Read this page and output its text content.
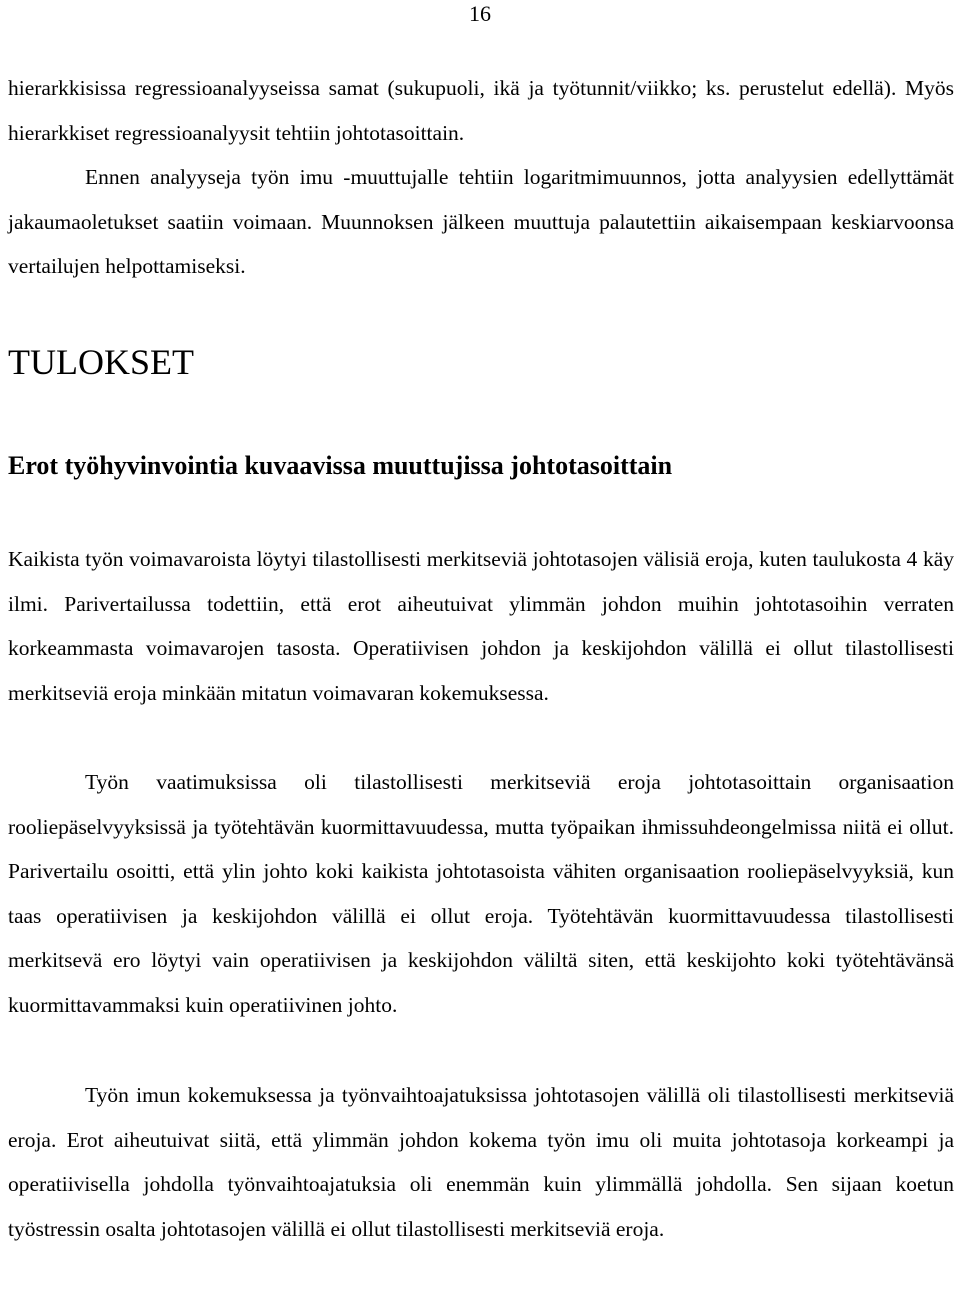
16

hierarkkisissa regressioanalyyseissa samat (sukupuoli, ikä ja työtunnit/viikko; ks. perustelut edellä). Myös hierarkkiset regressioanalyysit tehtiin johtotasoittain.

Ennen analyyseja työn imu -muuttujalle tehtiin logaritmimuunnos, jotta analyysien edellyttämät jakaumaoletukset saatiin voimaan. Muunnoksen jälkeen muuttuja palautettiin aikaisempaan keskiarvoonsa vertailujen helpottamiseksi.

TULOKSET
Erot työhyvinvointia kuvaavissa muuttujissa johtotasoittain

Kaikista työn voimavaroista löytyi tilastollisesti merkitseviä johtotasojen välisiä eroja, kuten taulukosta 4 käy ilmi. Parivertailussa todettiin, että erot aiheutuivat ylimmän johdon muihin johtotasoihin verraten korkeammasta voimavarojen tasosta. Operatiivisen johdon ja keskijohdon välillä ei ollut tilastollisesti merkitseviä eroja minkään mitatun voimavaran kokemuksessa.

Työn vaatimuksissa oli tilastollisesti merkitseviä eroja johtotasoittain organisaation rooliepäselvyyksissä ja työtehtävän kuormittavuudessa, mutta työpaikan ihmissuhdeongelmissa niitä ei ollut. Parivertailu osoitti, että ylin johto koki kaikista johtotasoista vähiten organisaation rooliepäselvyyksiä, kun taas operatiivisen ja keskijohdon välillä ei ollut eroja. Työtehtävän kuormittavuudessa tilastollisesti merkitsevä ero löytyi vain operatiivisen ja keskijohdon väliltä siten, että keskijohto koki työtehtävänsä kuormittavammaksi kuin operatiivinen johto.

Työn imun kokemuksessa ja työnvaihtoajatuksissa johtotasojen välillä oli tilastollisesti merkitseviä eroja. Erot aiheutuivat siitä, että ylimmän johdon kokema työn imu oli muita johtotasoja korkeampi ja operatiivisella johdolla työnvaihtoajatuksia oli enemmän kuin ylimmällä johdolla. Sen sijaan koetun työstressin osalta johtotasojen välillä ei ollut tilastollisesti merkitseviä eroja.
